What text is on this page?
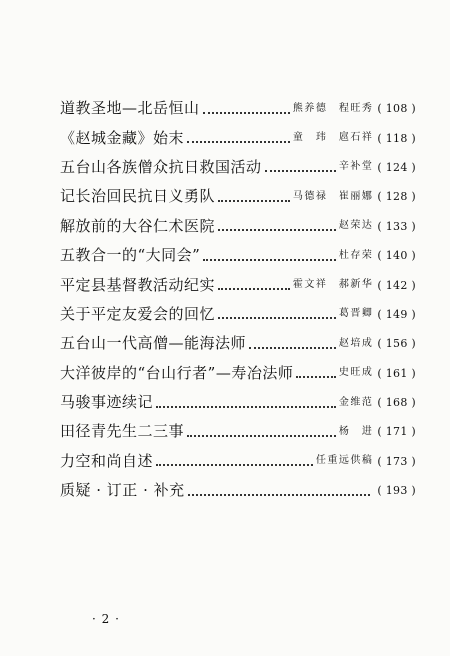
道教圣地—北岳恒山	熊养德　程旺秀 ( 108 )
《赵城金藏》始末	童　玮　扈石祥 ( 118 )
五台山各族僧众抗日救国活动	辛补堂 ( 124 )
记长治回民抗日义勇队	马德禄　崔丽娜 ( 128 )
解放前的大谷仁术医院	赵荣达 ( 133 )
五教合一的“大同会”	杜存荣 ( 140 )
平定县基督教活动纪实	霍文祥　郝新华 ( 142 )
关于平定友爱会的回忆	葛晋卿 ( 149 )
五台山一代高僧—能海法师	赵培成 ( 156 )
大洋彼岸的“台山行者”—寿冶法师	史旺成 ( 161 )
马骏事迹续记	金维范 ( 168 )
田径青先生二三事	杨　进 ( 171 )
力空和尚自述	任重远供稿 ( 173 )
质疑 · 订正 · 补充	( 193 )
· 2 ·
